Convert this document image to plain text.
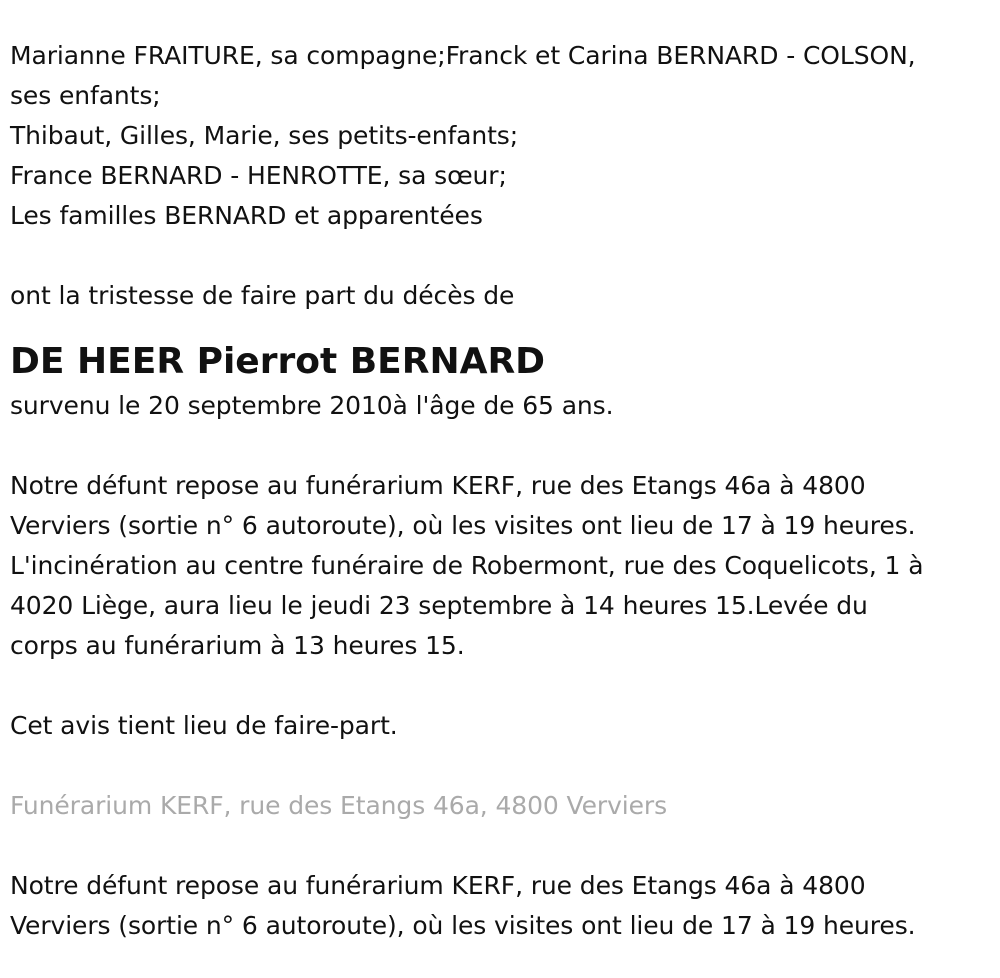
Marianne FRAITURE, sa compagne;Franck et Carina BERNARD - COLSON,
ses enfants;
Thibaut, Gilles, Marie, ses petits-enfants;
France BERNARD - HENROTTE, sa sœur;
Les familles BERNARD et apparentées
ont la tristesse de faire part du décès de
DE HEER Pierrot BERNARD
survenu le 20 septembre 2010à l'âge de 65 ans.
Notre défunt repose au funérarium KERF, rue des Etangs 46a à 4800
Verviers (sortie n° 6 autoroute), où les visites ont lieu de 17 à 19 heures.
L'incinération au centre funéraire de Robermont, rue des Coquelicots, 1 à
4020 Liège, aura lieu le jeudi 23 septembre à 14 heures 15.Levée du
corps au funérarium à 13 heures 15.
Cet avis tient lieu de faire-part.
Funérarium KERF, rue des Etangs 46a, 4800 Verviers
Notre défunt repose au funérarium KERF, rue des Etangs 46a à 4800
Verviers (sortie n° 6 autoroute), où les visites ont lieu de 17 à 19 heures.
